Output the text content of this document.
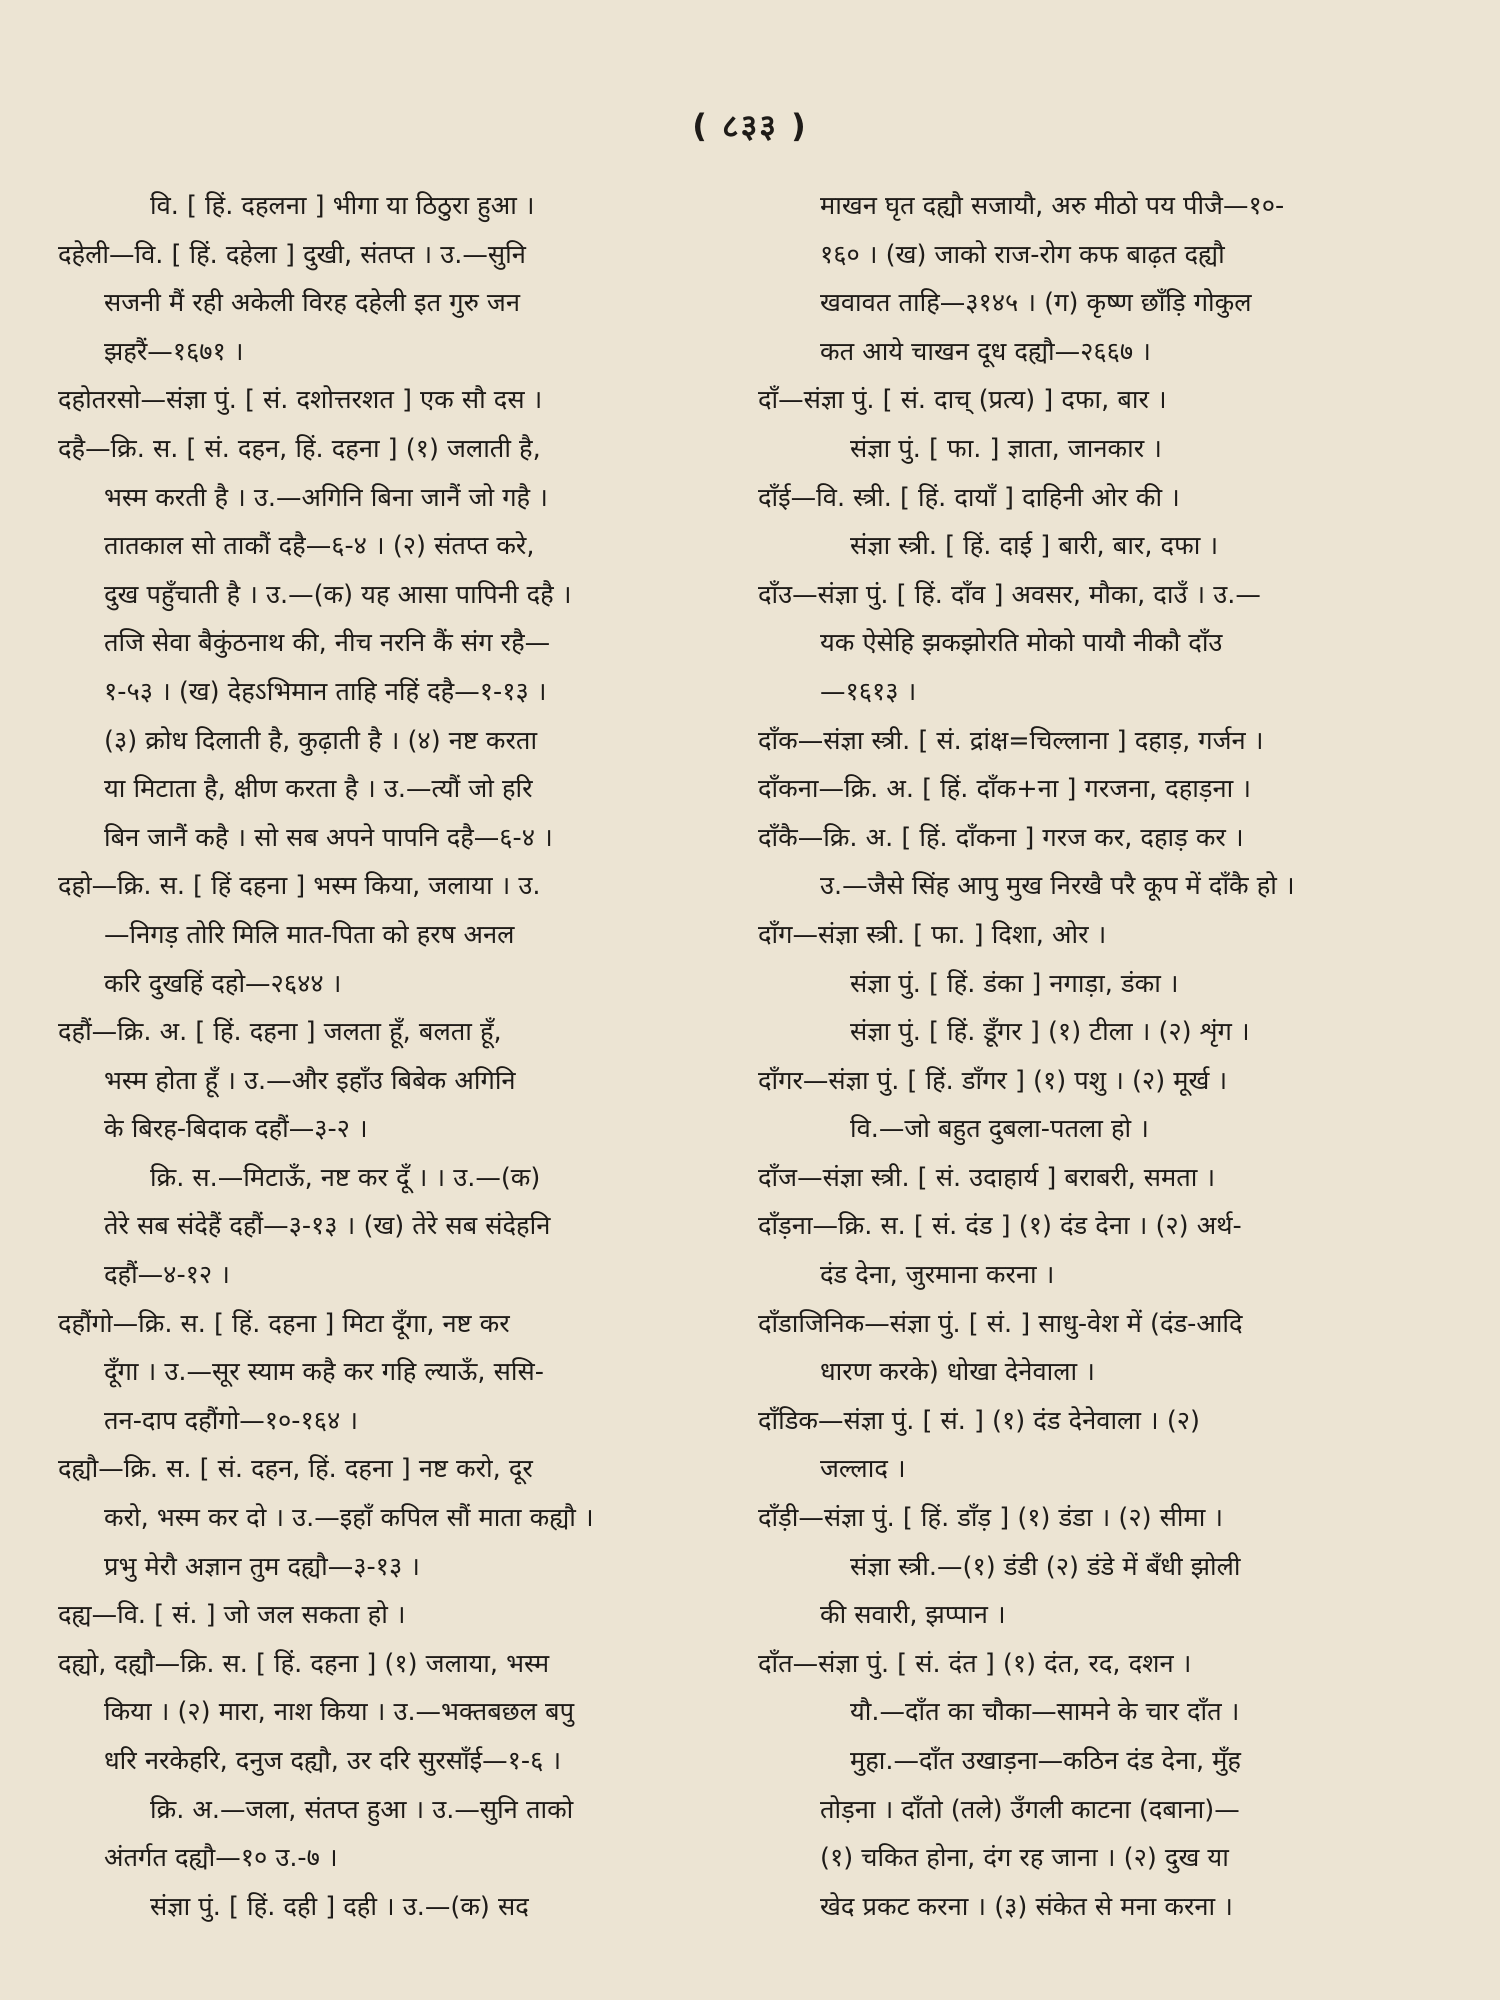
( ८३३ )
वि. [ हिं. दहलना ] भीगा या ठिठुरा हुआ ।
दहेली—वि. [ हिं. दहेला ] दुखी, संतप्त । उ.—सुनि
सजनी मैं रही अकेली विरह दहेली इत गुरु जन
झहरैं—१६७१ ।
दहोतरसो—संज्ञा पुं. [ सं. दशोत्तरशत ] एक सौ दस ।
दहै—क्रि. स. [ सं. दहन, हिं. दहना ] (१) जलाती है,
भस्म करती है । उ.—अगिनि बिना जानैं जो गहै ।
तातकाल सो ताकौं दहै—६-४ । (२) संतप्त करे,
दुख पहुँचाती है । उ.—(क) यह आसा पापिनी दहै ।
तजि सेवा बैकुंठनाथ की, नीच नरनि कैं संग रहै—
१-५३ । (ख) देहऽभिमान ताहि नहिं दहै—१-१३ ।
(३) क्रोध दिलाती है, कुढ़ाती है । (४) नष्ट करता
या मिटाता है, क्षीण करता है । उ.—त्यौं जो हरि
बिन जानैं कहै । सो सब अपने पापनि दहै—६-४ ।
दहो—क्रि. स. [ हिं दहना ] भस्म किया, जलाया । उ.
—निगड़ तोरि मिलि मात-पिता को हरष अनल
करि दुखहिं दहो—२६४४ ।
दहौं—क्रि. अ. [ हिं. दहना ] जलता हूँ, बलता हूँ,
भस्म होता हूँ । उ.—और इहाँउ बिबेक अगिनि
के बिरह-बिदाक दहौं—३-२ ।
क्रि. स.—मिटाऊँ, नष्ट कर दूँ । । उ.—(क)
तेरे सब संदेहैं दहौं—३-१३ । (ख) तेरे सब संदेहनि
दहौं—४-१२ ।
दहौंगो—क्रि. स. [ हिं. दहना ] मिटा दूँगा, नष्ट कर
दूँगा । उ.—सूर स्याम कहै कर गहि ल्याऊँ, ससि-
तन-दाप दहौंगो—१०-१६४ ।
दह्यौ—क्रि. स. [ सं. दहन, हिं. दहना ] नष्ट करो, दूर
करो, भस्म कर दो । उ.—इहाँ कपिल सौं माता कह्यौ ।
प्रभु मेरौ अज्ञान तुम दह्यौ—३-१३ ।
दह्य—वि. [ सं. ] जो जल सकता हो ।
दह्यो, दह्यौ—क्रि. स. [ हिं. दहना ] (१) जलाया, भस्म
किया । (२) मारा, नाश किया । उ.—भक्तबछल बपु
धरि नरकेहरि, दनुज दह्यौ, उर दरि सुरसाँई—१-६ ।
क्रि. अ.—जला, संतप्त हुआ । उ.—सुनि ताको
अंतर्गत दह्यौ—१० उ.-७ ।
संज्ञा पुं. [ हिं. दही ] दही । उ.—(क) सद
माखन घृत दह्यौ सजायौ, अरु मीठो पय पीजै—१०-
१६० । (ख) जाको राज-रोग कफ बाढ़त दह्यौ
खवावत ताहि—३१४५ । (ग) कृष्ण छाँड़ि गोकुल
कत आये चाखन दूध दह्यौ—२६६७ ।
दाँ—संज्ञा पुं. [ सं. दाच् (प्रत्य) ] दफा, बार ।
संज्ञा पुं. [ फा. ] ज्ञाता, जानकार ।
दाँई—वि. स्त्री. [ हिं. दायाँ ] दाहिनी ओर की ।
संज्ञा स्त्री. [ हिं. दाई ] बारी, बार, दफा ।
दाँउ—संज्ञा पुं. [ हिं. दाँव ] अवसर, मौका, दाउँ । उ.—
यक ऐसेहि झकझोरति मोको पायौ नीकौ दाँउ
—१६१३ ।
दाँक—संज्ञा स्त्री. [ सं. द्रांक्ष=चिल्लाना ] दहाड़, गर्जन ।
दाँकना—क्रि. अ. [ हिं. दाँक+ना ] गरजना, दहाड़ना ।
दाँकै—क्रि. अ. [ हिं. दाँकना ] गरज कर, दहाड़ कर ।
उ.—जैसे सिंह आपु मुख निरखै परै कूप में दाँकै हो ।
दाँग—संज्ञा स्त्री. [ फा. ] दिशा, ओर ।
संज्ञा पुं. [ हिं. डंका ] नगाड़ा, डंका ।
संज्ञा पुं. [ हिं. डूँगर ] (१) टीला । (२) शृंग ।
दाँगर—संज्ञा पुं. [ हिं. डाँगर ] (१) पशु । (२) मूर्ख ।
वि.—जो बहुत दुबला-पतला हो ।
दाँज—संज्ञा स्त्री. [ सं. उदाहार्य ] बराबरी, समता ।
दाँड़ना—क्रि. स. [ सं. दंड ] (१) दंड देना । (२) अर्थ-
दंड देना, जुरमाना करना ।
दाँडाजिनिक—संज्ञा पुं. [ सं. ] साधु-वेश में (दंड-आदि
धारण करके) धोखा देनेवाला ।
दाँडिक—संज्ञा पुं. [ सं. ] (१) दंड देनेवाला । (२)
जल्लाद ।
दाँड़ी—संज्ञा पुं. [ हिं. डाँड़ ] (१) डंडा । (२) सीमा ।
संज्ञा स्त्री.—(१) डंडी (२) डंडे में बँधी झोली
की सवारी, झप्पान ।
दाँत—संज्ञा पुं. [ सं. दंत ] (१) दंत, रद, दशन ।
यौ.—दाँत का चौका—सामने के चार दाँत ।
मुहा.—दाँत उखाड़ना—कठिन दंड देना, मुँह
तोड़ना । दाँतो (तले) उँगली काटना (दबाना)—
(१) चकित होना, दंग रह जाना । (२) दुख या
खेद प्रकट करना । (३) संकेत से मना करना ।
